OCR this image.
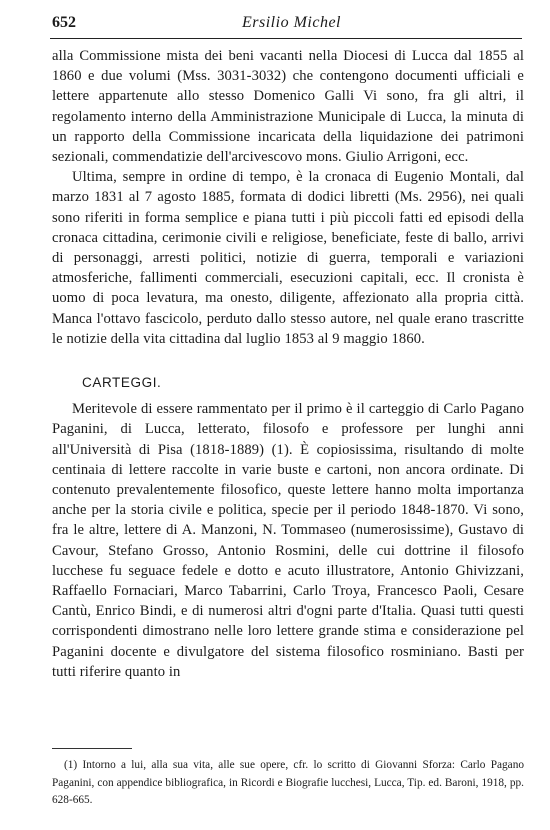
652	Ersilio Michel

alla Commissione mista dei beni vacanti nella Diocesi di Lucca dal 1855 al 1860 e due volumi (Mss. 3031-3032) che contengono documenti ufficiali e lettere appartenute allo stesso Domenico Galli Vi sono, fra gli altri, il regolamento interno della Amministrazione Municipale di Lucca, la minuta di un rapporto della Commissione incaricata della liquidazione dei patrimoni sezionali, commendatizie dell'arcivescovo mons. Giulio Arrigoni, ecc.

Ultima, sempre in ordine di tempo, è la cronaca di Eugenio Montali, dal marzo 1831 al 7 agosto 1885, formata di dodici libretti (Ms. 2956), nei quali sono riferiti in forma semplice e piana tutti i più piccoli fatti ed episodi della cronaca cittadina, cerimonie civili e religiose, beneficiate, feste di ballo, arrivi di personaggi, arresti politici, notizie di guerra, temporali e variazioni atmosferiche, fallimenti commerciali, esecuzioni capitali, ecc. Il cronista è uomo di poca levatura, ma onesto, diligente, affezionato alla propria città. Manca l'ottavo fascicolo, perduto dallo stesso autore, nel quale erano trascritte le notizie della vita cittadina dal luglio 1853 al 9 maggio 1860.

CARTEGGI.

Meritevole di essere rammentato per il primo è il carteggio di Carlo Pagano Paganini, di Lucca, letterato, filosofo e professore per lunghi anni all'Università di Pisa (1818-1889) (1). È copiosissima, risultando di molte centinaia di lettere raccolte in varie buste e cartoni, non ancora ordinate. Di contenuto prevalentemente filosofico, queste lettere hanno molta importanza anche per la storia civile e politica, specie per il periodo 1848-1870. Vi sono, fra le altre, lettere di A. Manzoni, N. Tommaseo (numerosissime), Gustavo di Cavour, Stefano Grosso, Antonio Rosmini, delle cui dottrine il filosofo lucchese fu seguace fedele e dotto e acuto illustratore, Antonio Ghivizzani, Raffaello Fornaciari, Marco Tabarrini, Carlo Troya, Francesco Paoli, Cesare Cantù, Enrico Bindi, e di numerosi altri d'ogni parte d'Italia. Quasi tutti questi corrispondenti dimostrano nelle loro lettere grande stima e considerazione pel Paganini docente e divulgatore del sistema filosofico rosminiano. Basti per tutti riferire quanto in

(1) Intorno a lui, alla sua vita, alle sue opere, cfr. lo scritto di Giovanni Sforza: Carlo Pagano Paganini, con appendice bibliografica, in Ricordi e Biografie lucchesi, Lucca, Tip. ed. Baroni, 1918, pp. 628-665.
